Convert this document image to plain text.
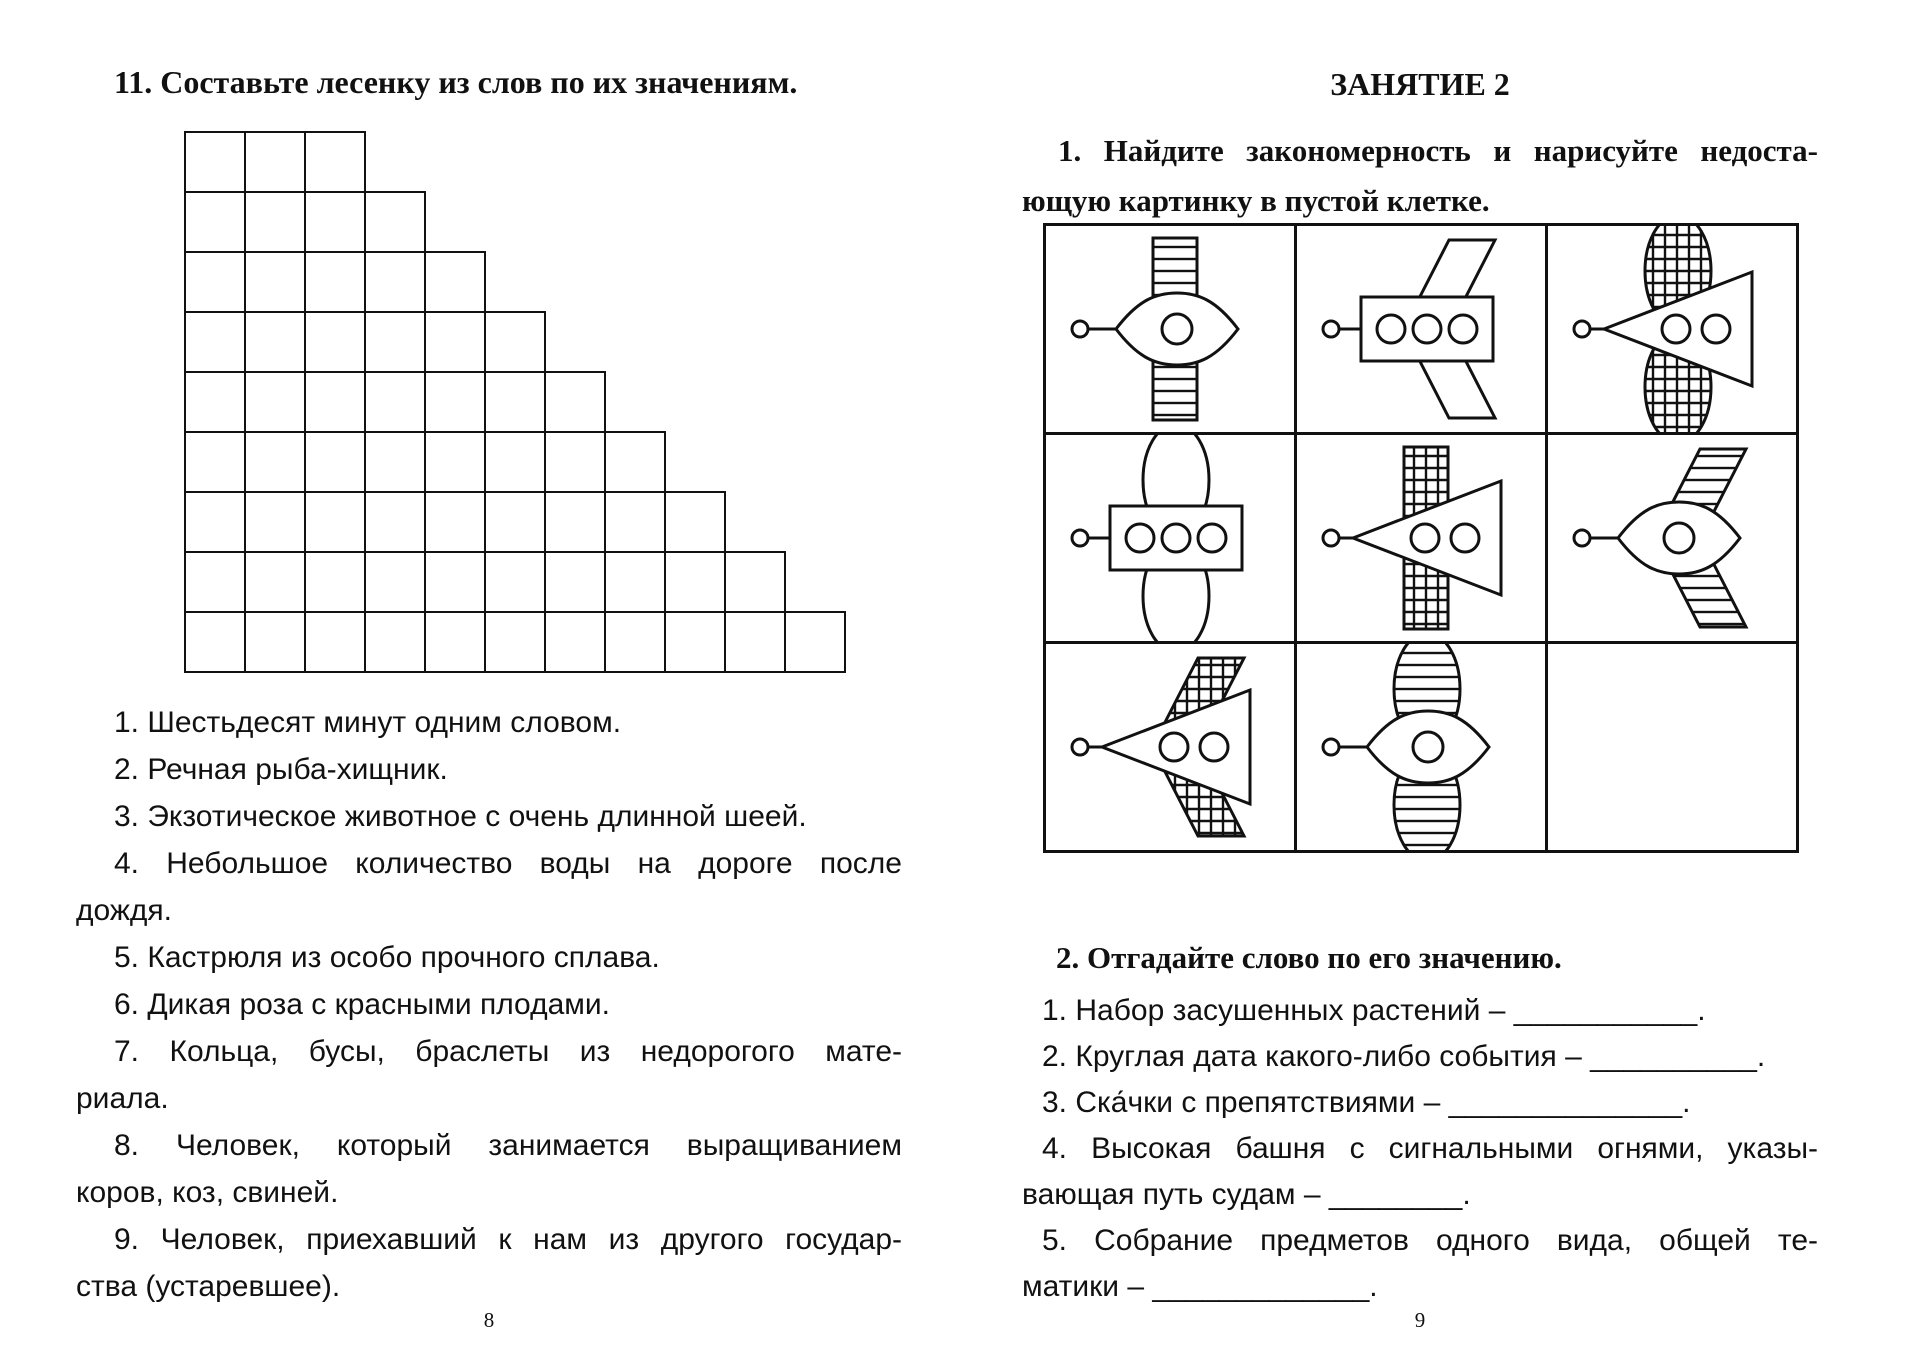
11. Составьте лесенку из слов по их значениям.
1. Шестьдесят минут одним словом.
2. Речная рыба-хищник.
3. Экзотическое животное с очень длинной шеей.
4. Небольшое количество воды на дороге после
дождя.
5. Кастрюля из особо прочного сплава.
6. Дикая роза с красными плодами.
7. Кольца, бусы, браслеты из недорогого мате-
риала.
8. Человек, который занимается выращиванием
коров, коз, свиней.
9. Человек, приехавший к нам из другого государ-
ства (устаревшее).
8
ЗАНЯТИЕ 2
1. Найдите закономерность и нарисуйте недоста-
ющую картинку в пустой клетке.
2. Отгадайте слово по его значению.
1. Набор засушенных растений – ___________.
2. Круглая дата какого-либо события – __________.
3. Ска́чки с препятствиями – ______________.
4. Высокая башня с сигнальными огнями, указы-
вающая путь судам – ________.
5. Собрание предметов одного вида, общей те-
матики – _____________.
9
